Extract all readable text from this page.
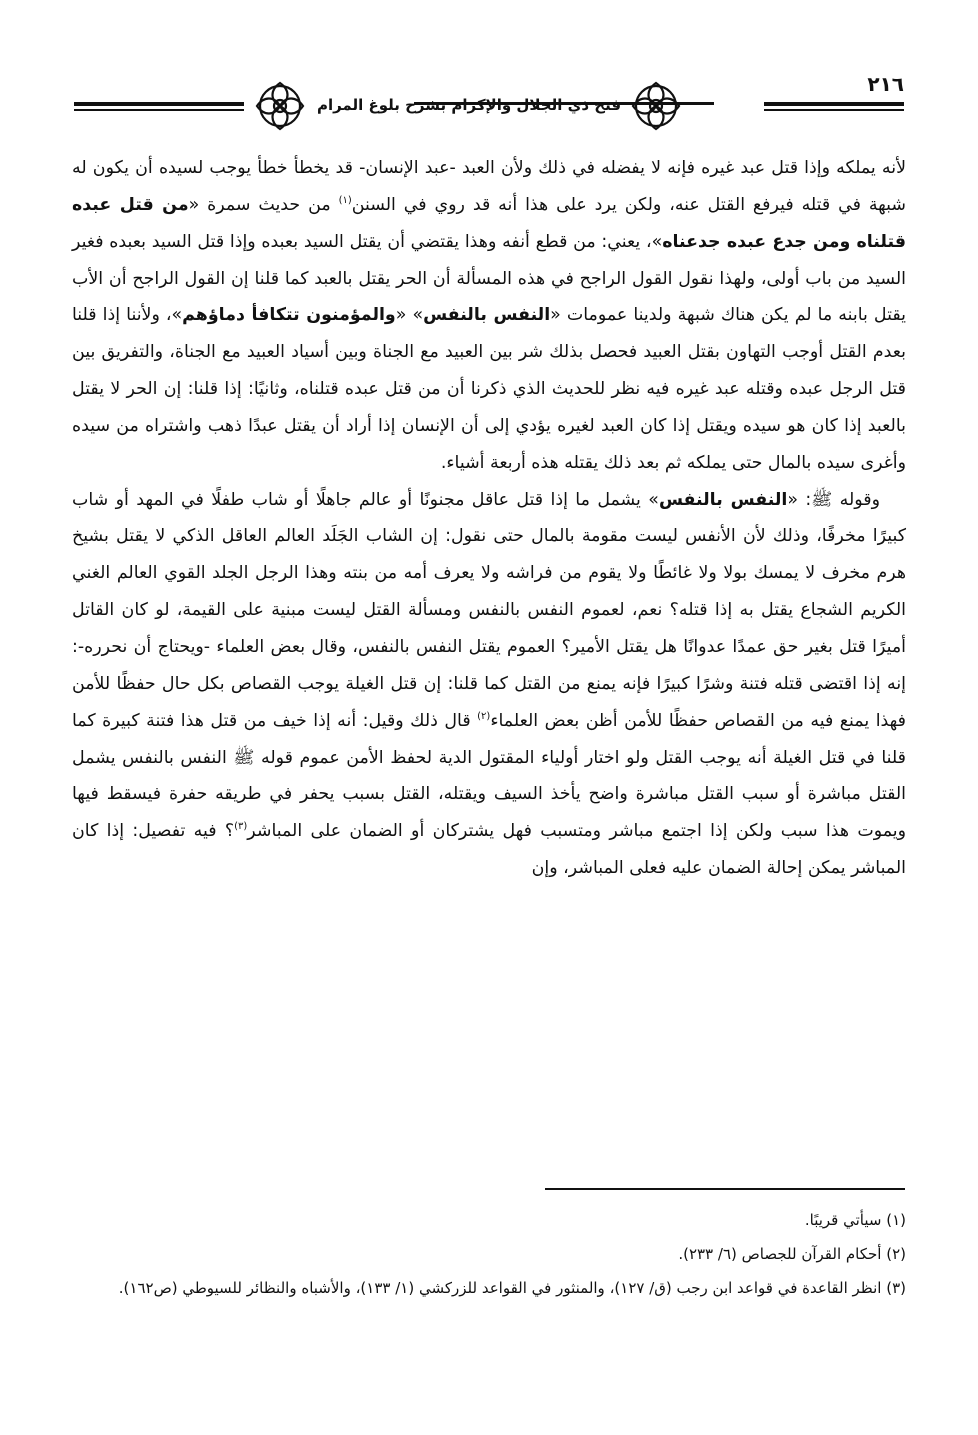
فتح ذي الجلال والإكرام بشرح بلوغ المرام
٢١٦

لأنه يملكه وإذا قتل عبد غيره فإنه لا يفضله في ذلك ولأن العبد -عبد الإنسان- قد يخطأ خطأ يوجب لسيده أن يكون له شبهة في قتله فيرفع القتل عنه، ولكن يرد على هذا أنه قد روي في السنن$^{(١)}$ من حديث سمرة «من قتل عبده قتلناه ومن جدع عبده جدعناه»، يعني: من قطع أنفه وهذا يقتضي أن يقتل السيد بعبده وإذا قتل السيد بعبده فغير السيد من باب أولى، ولهذا نقول القول الراجح في هذه المسألة أن الحر يقتل بالعبد كما قلنا إن القول الراجح أن الأب يقتل بابنه ما لم يكن هناك شبهة ولدينا عمومات «النفس بالنفس» «والمؤمنون تتكافأ دماؤهم»، ولأننا إذا قلنا بعدم القتل أوجب التهاون بقتل العبيد فحصل بذلك شر بين العبيد مع الجناة وبين أسياد العبيد مع الجناة، والتفريق بين قتل الرجل عبده وقتله عبد غيره فيه نظر للحديث الذي ذكرنا أن من قتل عبده قتلناه، وثانيًا: إذا قلنا: إن الحر لا يقتل بالعبد إذا كان هو سيده ويقتل إذا كان العبد لغيره يؤدي إلى أن الإنسان إذا أراد أن يقتل عبدًا ذهب واشتراه من سيده وأغرى سيده بالمال حتى يملكه ثم بعد ذلك يقتله هذه أربعة أشياء.

وقوله ﷺ: «النفس بالنفس» يشمل ما إذا قتل عاقل مجنونًا أو عالم جاهلًا أو شاب طفلًا في المهد أو شاب كبيرًا مخرفًا، وذلك لأن الأنفس ليست مقومة بالمال حتى نقول: إن الشاب الجَلَد العالم العاقل الذكي لا يقتل بشيخ هرم مخرف لا يمسك بولا ولا غائطًا ولا يقوم من فراشه ولا يعرف أمه من بنته وهذا الرجل الجلد القوي العالم الغني الكريم الشجاع يقتل به إذا قتله؟ نعم، لعموم النفس بالنفس ومسألة القتل ليست مبنية على القيمة، لو كان القاتل أميرًا قتل بغير حق عمدًا عدوانًا هل يقتل الأمير؟ العموم يقتل النفس بالنفس، وقال بعض العلماء -ويحتاج أن نحرره-: إنه إذا اقتضى قتله فتنة وشرًا كبيرًا فإنه يمنع من القتل كما قلنا: إن قتل الغيلة يوجب القصاص بكل حال حفظًا للأمن فهذا يمنع فيه من القصاص حفظًا للأمن أظن بعض العلماء$^{(٢)}$ قال ذلك وقيل: أنه إذا خيف من قتل هذا فتنة كبيرة كما قلنا في قتل الغيلة أنه يوجب القتل ولو اختار أولياء المقتول الدية لحفظ الأمن عموم قوله ﷺ النفس بالنفس يشمل القتل مباشرة أو سبب القتل مباشرة واضح يأخذ السيف ويقتله، القتل بسبب يحفر في طريقه حفرة فيسقط فيها ويموت هذا سبب ولكن إذا اجتمع مباشر ومتسبب فهل يشتركان أو الضمان على المباشر$^{(٣)}$؟ فيه تفصيل: إذا كان المباشر يمكن إحالة الضمان عليه فعلى المباشر، وإن

(١) سيأتي قريبًا.

(٢) أحكام القرآن للجصاص (٦/ ٢٣٣).

(٣) انظر القاعدة في قواعد ابن رجب (ق/ ١٢٧)، والمنثور في القواعد للزركشي (١/ ١٣٣)، والأشباه والنظائر للسيوطي (ص١٦٢).
